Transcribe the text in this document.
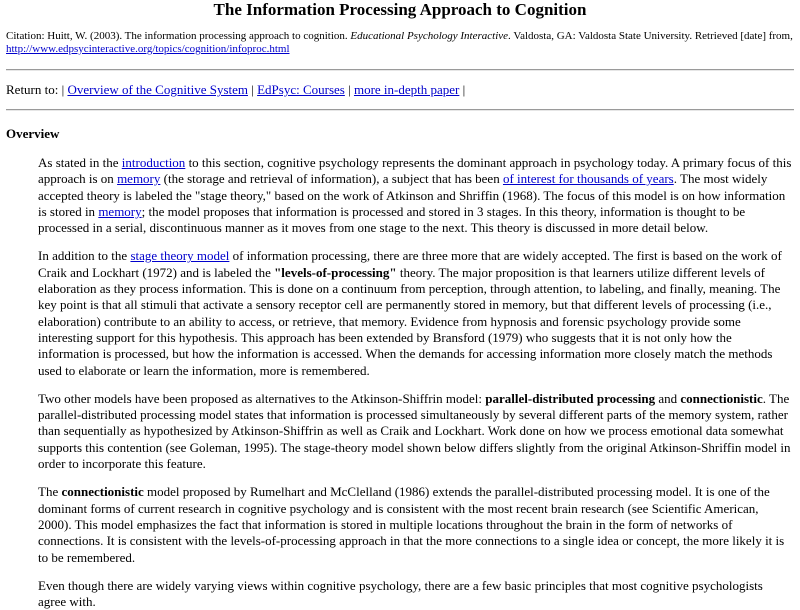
The Information Processing Approach to Cognition
Citation: Huitt, W. (2003). The information processing approach to cognition. Educational Psychology Interactive. Valdosta, GA: Valdosta State University. Retrieved [date] from,
http://www.edpsycinteractive.org/topics/cognition/infoproc.html
Return to: | Overview of the Cognitive System | EdPsyc: Courses | more in-depth paper |
Overview

As stated in the introduction to this section, cognitive psychology represents the dominant approach in psychology today. A primary focus of this approach is on memory (the storage and retrieval of information), a subject that has been of interest for thousands of years. The most widely accepted theory is labeled the "stage theory," based on the work of Atkinson and Shriffin (1968). The focus of this model is on how information is stored in memory; the model proposes that information is processed and stored in 3 stages. In this theory, information is thought to be processed in a serial, discontinuous manner as it moves from one stage to the next. This theory is discussed in more detail below.

In addition to the stage theory model of information processing, there are three more that are widely accepted. The first is based on the work of Craik and Lockhart (1972) and is labeled the "levels-of-processing" theory. The major proposition is that learners utilize different levels of elaboration as they process information. This is done on a continuum from perception, through attention, to labeling, and finally, meaning. The key point is that all stimuli that activate a sensory receptor cell are permanently stored in memory, but that different levels of processing (i.e., elaboration) contribute to an ability to access, or retrieve, that memory. Evidence from hypnosis and forensic psychology provide some interesting support for this hypothesis. This approach has been extended by Bransford (1979) who suggests that it is not only how the information is processed, but how the information is accessed. When the demands for accessing information more closely match the methods used to elaborate or learn the information, more is remembered.

Two other models have been proposed as alternatives to the Atkinson-Shiffrin model: parallel-distributed processing and connectionistic. The parallel-distributed processing model states that information is processed simultaneously by several different parts of the memory system, rather than sequentially as hypothesized by Atkinson-Shiffrin as well as Craik and Lockhart. Work done on how we process emotional data somewhat supports this contention (see Goleman, 1995). The stage-theory model shown below differs slightly from the original Atkinson-Shriffin model in order to incorporate this feature.

The connectionistic model proposed by Rumelhart and McClelland (1986) extends the parallel-distributed processing model. It is one of the dominant forms of current research in cognitive psychology and is consistent with the most recent brain research (see Scientific American, 2000). This model emphasizes the fact that information is stored in multiple locations throughout the brain in the form of networks of connections. It is consistent with the levels-of-processing approach in that the more connections to a single idea or concept, the more likely it is to be remembered.

Even though there are widely varying views within cognitive psychology, there are a few basic principles that most cognitive psychologists agree with.
